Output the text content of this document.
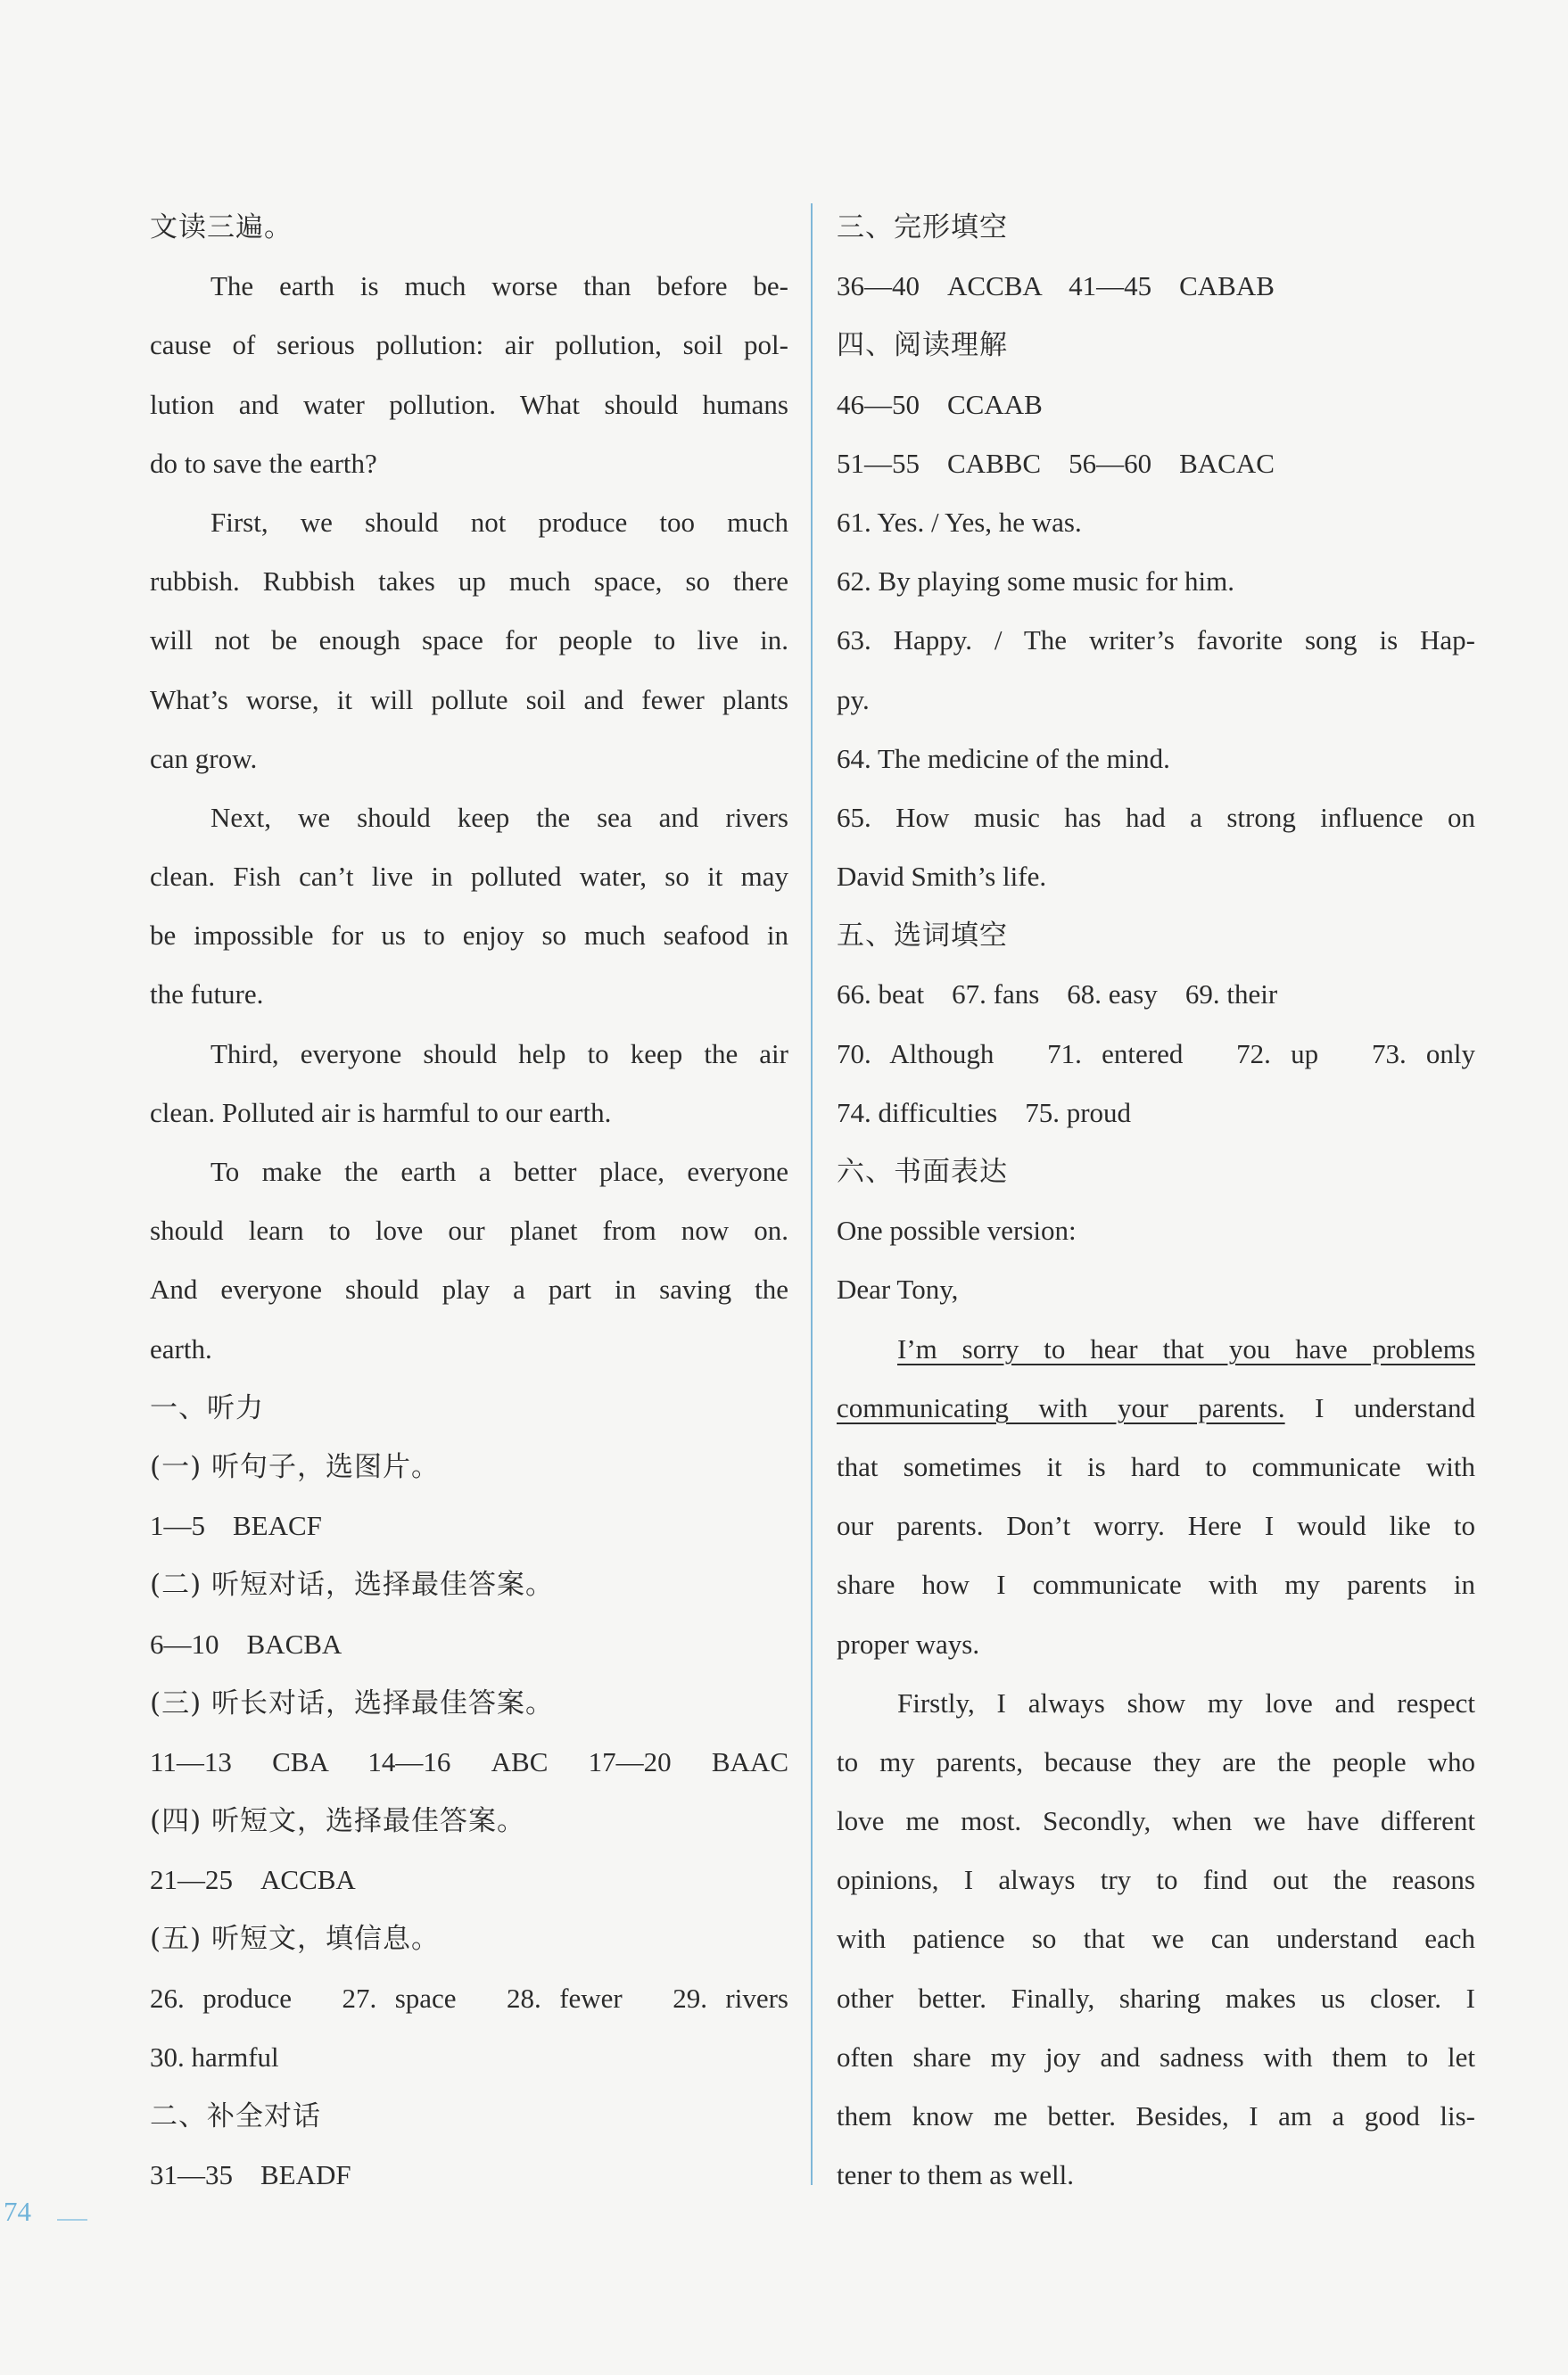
文读三遍。
The earth is much worse than before be-
cause of serious pollution: air pollution, soil pol-
lution and water pollution. What should humans
do to save the earth?
First, we should not produce too much
rubbish. Rubbish takes up much space, so there
will not be enough space for people to live in.
What’s worse, it will pollute soil and fewer plants
can grow.
Next, we should keep the sea and rivers
clean. Fish can’t live in polluted water, so it may
be impossible for us to enjoy so much seafood in
the future.
Third, everyone should help to keep the air
clean. Polluted air is harmful to our earth.
To make the earth a better place, everyone
should learn to love our planet from now on.
And everyone should play a part in saving the
earth.
一、听力
(一) 听句子，选图片。
1—5　BEACF
(二) 听短对话，选择最佳答案。
6—10　BACBA
(三) 听长对话，选择最佳答案。
11—13　CBA　14—16　ABC　17—20　BAAC
(四) 听短文，选择最佳答案。
21—25　ACCBA
(五) 听短文，填信息。
26. produce　27. space　28. fewer　29. rivers
30. harmful
二、补全对话
31—35　BEADF
三、完形填空
36—40　ACCBA　41—45　CABAB
四、阅读理解
46—50　CCAAB
51—55　CABBC　56—60　BACAC
61. Yes. / Yes, he was.
62. By playing some music for him.
63. Happy. / The writer’s favorite song is Hap-
py.
64. The medicine of the mind.
65. How music has had a strong influence on
David Smith’s life.
五、选词填空
66. beat　67. fans　68. easy　69. their
70. Although　71. entered　72. up　73. only
74. difficulties　75. proud
六、书面表达
One possible version:
Dear Tony,
I’m sorry to hear that you have problems
communicating with your parents. I understand
that sometimes it is hard to communicate with
our parents. Don’t worry. Here I would like to
share how I communicate with my parents in
proper ways.
Firstly, I always show my love and respect
to my parents, because they are the people who
love me most. Secondly, when we have different
opinions, I always try to find out the reasons
with patience so that we can understand each
other better. Finally, sharing makes us closer. I
often share my joy and sadness with them to let
them know me better. Besides, I am a good lis-
tener to them as well.
74
